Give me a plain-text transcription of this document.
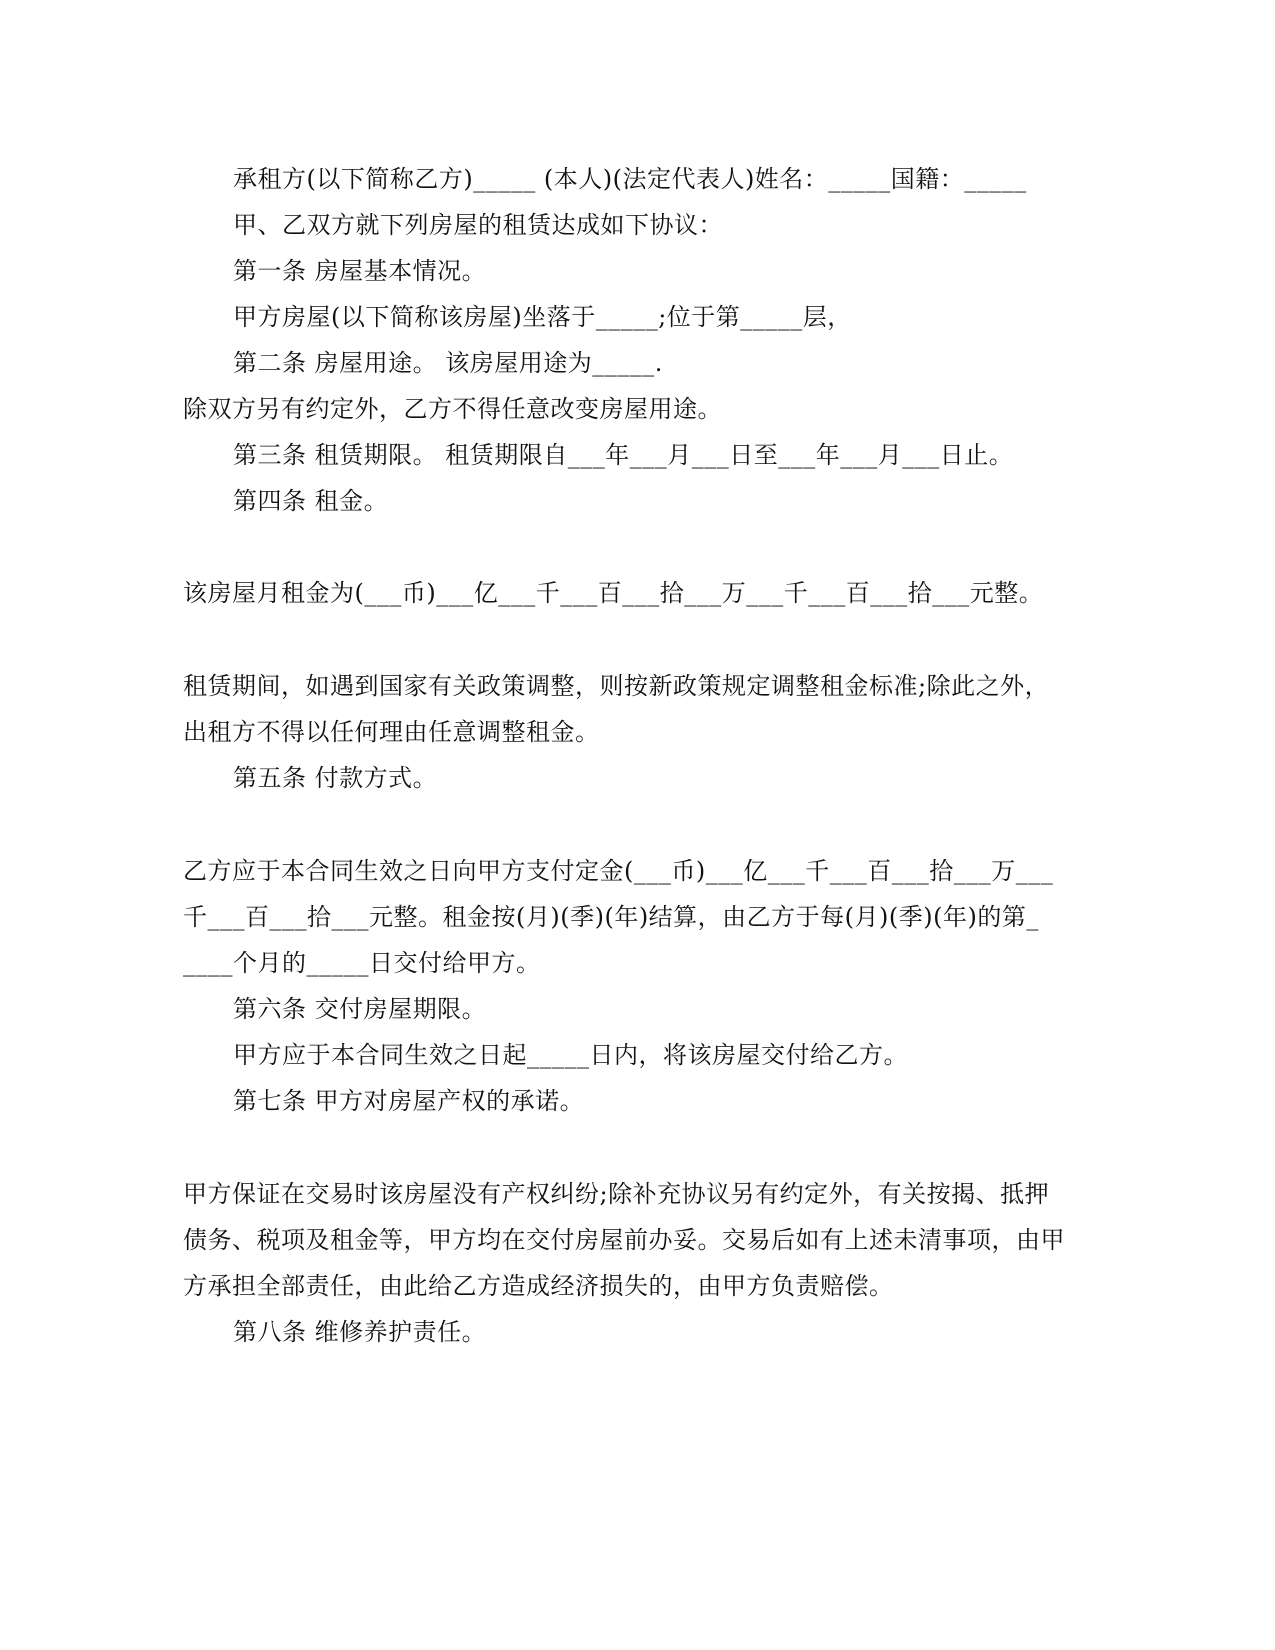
承租方(以下简称乙方)_____ (本人)(法定代表人)姓名：_____国籍：_____
甲、乙双方就下列房屋的租赁达成如下协议：
第一条 房屋基本情况。
甲方房屋(以下简称该房屋)坐落于_____;位于第_____层，
第二条 房屋用途。 该房屋用途为_____.
除双方另有约定外，乙方不得任意改变房屋用途。
第三条 租赁期限。 租赁期限自___年___月___日至___年___月___日止。
第四条 租金。
该房屋月租金为(___币)___亿___千___百___拾___万___千___百___拾___元整。
租赁期间，如遇到国家有关政策调整，则按新政策规定调整租金标准;除此之外，
出租方不得以任何理由任意调整租金。
第五条 付款方式。
乙方应于本合同生效之日向甲方支付定金(___币)___亿___千___百___拾___万___
千___百___拾___元整。租金按(月)(季)(年)结算，由乙方于每(月)(季)(年)的第_
____个月的_____日交付给甲方。
第六条 交付房屋期限。
甲方应于本合同生效之日起_____日内，将该房屋交付给乙方。
第七条 甲方对房屋产权的承诺。
甲方保证在交易时该房屋没有产权纠纷;除补充协议另有约定外，有关按揭、抵押
债务、税项及租金等，甲方均在交付房屋前办妥。交易后如有上述未清事项，由甲
方承担全部责任，由此给乙方造成经济损失的，由甲方负责赔偿。
第八条 维修养护责任。
